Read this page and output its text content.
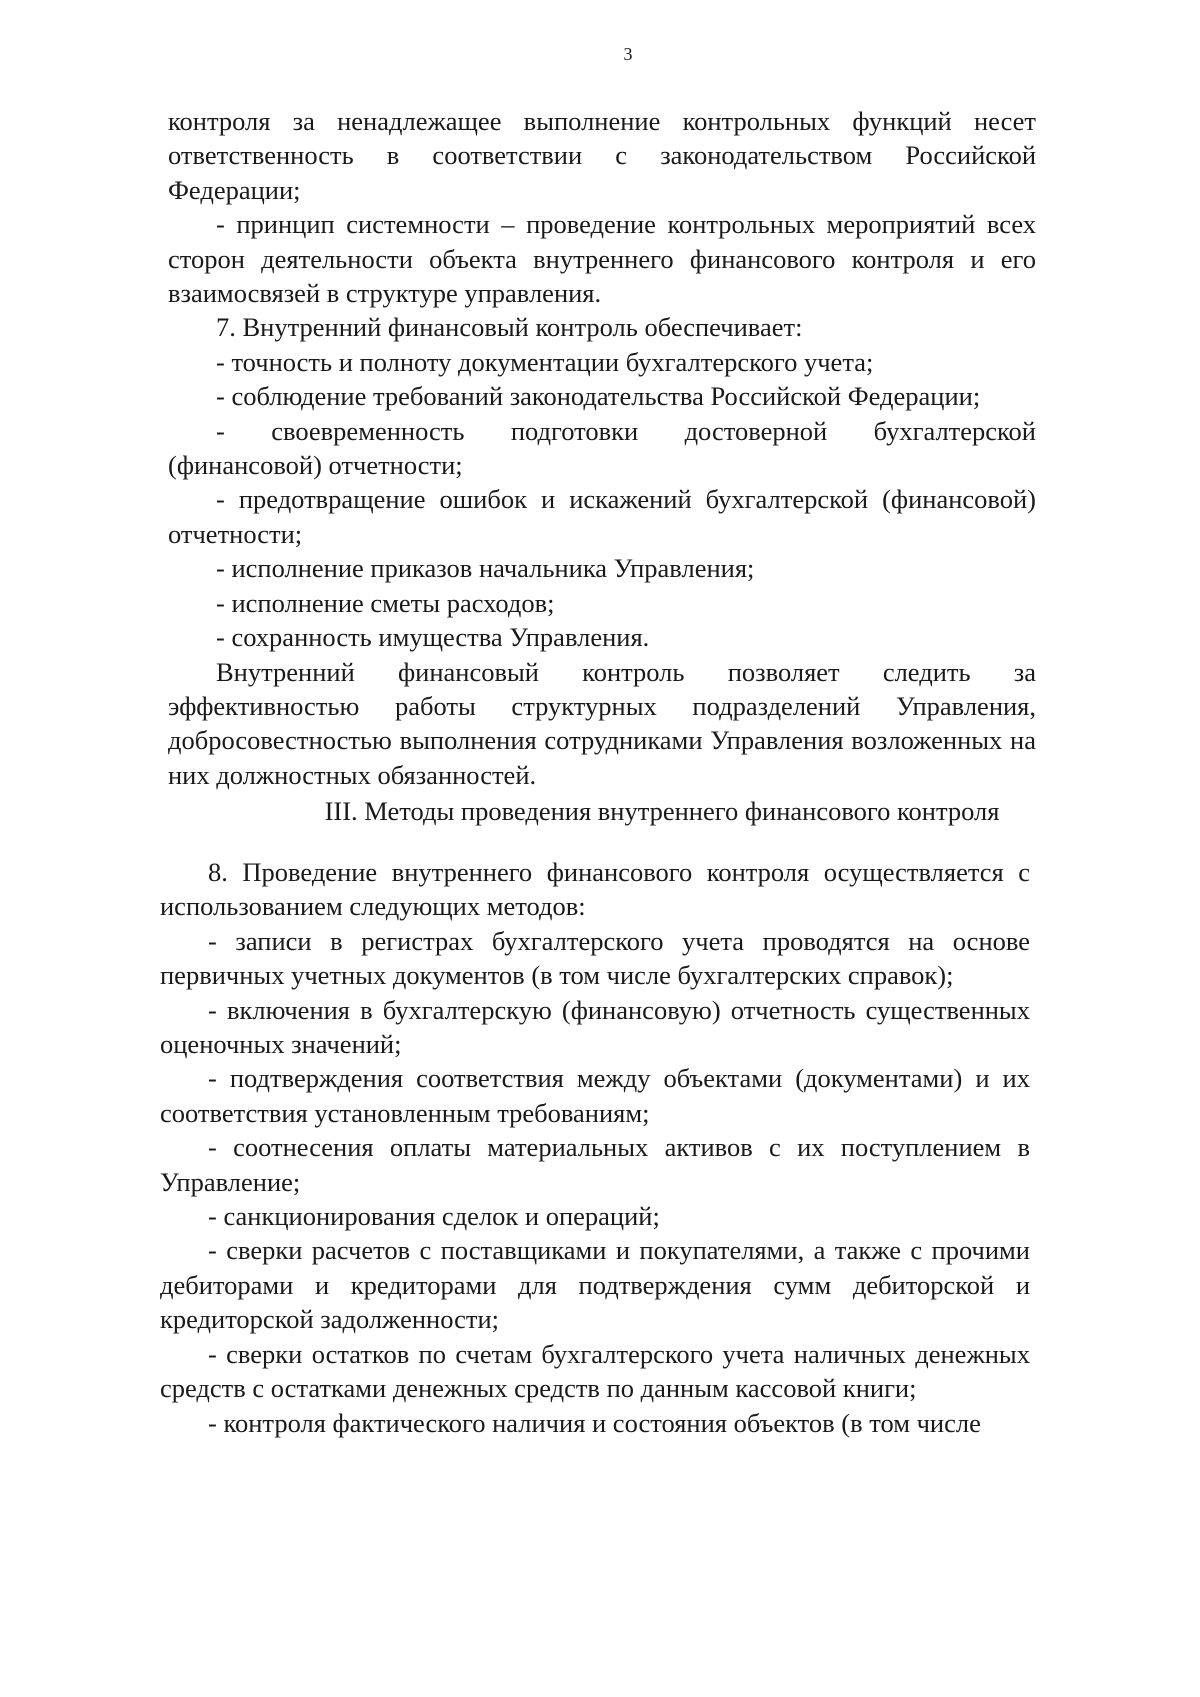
3

контроля за ненадлежащее выполнение контрольных функций несет ответственность в соответствии с законодательством Российской Федерации;

- принцип системности – проведение контрольных мероприятий всех сторон деятельности объекта внутреннего финансового контроля и его взаимосвязей в структуре управления.

7. Внутренний финансовый контроль обеспечивает:

- точность и полноту документации бухгалтерского учета;

- соблюдение требований законодательства Российской Федерации;

- своевременность подготовки достоверной бухгалтерской (финансовой) отчетности;

- предотвращение ошибок и искажений бухгалтерской (финансовой) отчетности;

- исполнение приказов начальника Управления;

- исполнение сметы расходов;

- сохранность имущества Управления.

Внутренний финансовый контроль позволяет следить за эффективностью работы структурных подразделений Управления, добросовестностью выполнения сотрудниками Управления возложенных на них должностных обязанностей.

III. Методы проведения внутреннего финансового контроля

8. Проведение внутреннего финансового контроля осуществляется с использованием следующих методов:

- записи в регистрах бухгалтерского учета проводятся на основе первичных учетных документов (в том числе бухгалтерских справок);

- включения в бухгалтерскую (финансовую) отчетность существенных оценочных значений;

- подтверждения соответствия между объектами (документами) и их соответствия установленным требованиям;

- соотнесения оплаты материальных активов с их поступлением в Управление;

- санкционирования сделок и операций;

- сверки расчетов с поставщиками и покупателями, а также с прочими дебиторами и кредиторами для подтверждения сумм дебиторской и кредиторской задолженности;

- сверки остатков по счетам бухгалтерского учета наличных денежных средств с остатками денежных средств по данным кассовой книги;

- контроля фактического наличия и состояния объектов (в том числе
